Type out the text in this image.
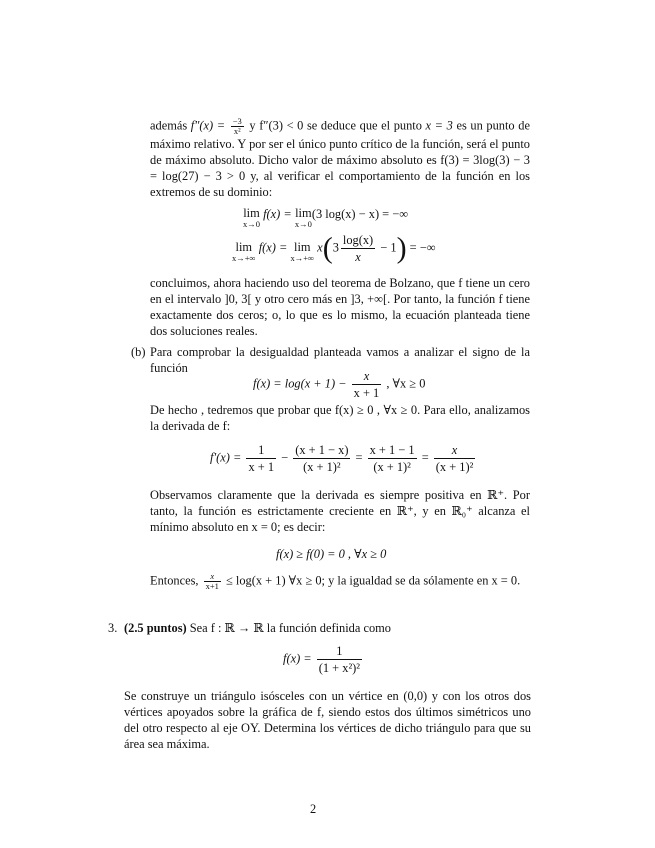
además $f''(x) = \frac{-3}{\text{x²}}$ y f″(3) < 0 se deduce que el punto x = 3 es un punto de máximo relativo. Y por ser el único punto crítico de la función, será el punto de máximo absoluto. Dicho valor de máximo absoluto es f(3) = 3log(3) − 3 = log(27) − 3 > 0 y, al verificar el comportamiento de la función en los extremos de su dominio:
lim
x→0
f(x) = lim
x→0
(3 log(x) − x) = −∞
lim
x→+∞
f(x) = lim
x→+∞
$x(3 \frac{\log(x)}{x} - 1)$ = −∞
concluimos, ahora haciendo uso del teorema de Bolzano, que f tiene un cero en el intervalo ]0, 3[ y otro cero más en ]3, +∞[. Por tanto, la función f tiene exactamente dos ceros; o, lo que es lo mismo, la ecuación planteada tiene dos soluciones reales.
(b) Para comprobar la desigualdad planteada vamos a analizar el signo de la función
$f(x) = \log(x + 1) - \frac{x}{x + 1}$ , ∀x ≥ 0
De hecho , tedremos que probar que f(x) ≥ 0 , ∀x ≥ 0. Para ello, analizamos la derivada de f:
$f'(x) = \frac{1}{x + 1} - \frac{(x + 1 - x)}{\text{(x + 1)²}} = \frac{x + 1 - 1}{\text{(x + 1)²}} = \frac{x}{\text{(x + 1)²}}$
Observamos claramente que la derivada es siempre positiva en ℝ⁺. Por tanto, la función es estrictamente creciente en ℝ⁺, y en ℝ₀⁺ alcanza el mínimo absoluto en x = 0; es decir:
f(x) ≥ f(0) = 0 , ∀x ≥ 0
Entonces, $\frac{x}{x+1} \le \log(x + 1)$ ∀x ≥ 0; y la igualdad se da sólamente en x = 0.
3. (2.5 puntos) Sea f : ℝ → ℝ la función definida como
$f(x) = \frac{1}{\text{(1 + x²)²}}$
Se construye un triángulo isósceles con un vértice en (0,0) y con los otros dos vértices apoyados sobre la gráfica de f, siendo estos dos últimos simétricos uno del otro respecto al eje OY. Determina los vértices de dicho triángulo para que su área sea máxima.
2
